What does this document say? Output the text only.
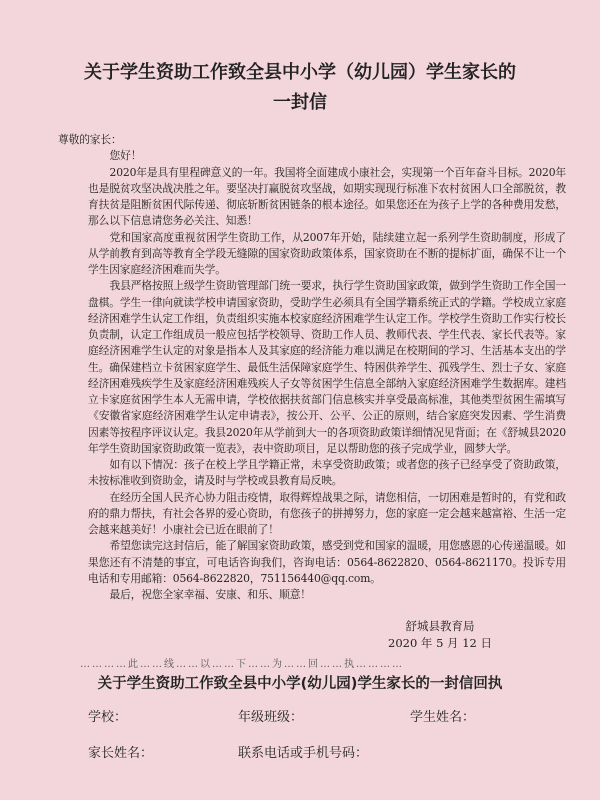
关于学生资助工作致全县中小学（幼儿园）学生家长的
一封信

尊敬的家长：

您好！

2020年是具有里程碑意义的一年。我国将全面建成小康社会，实现第一个百年奋斗目标。2020年也是脱贫攻坚决战决胜之年。要坚决打赢脱贫攻坚战，如期实现现行标准下农村贫困人口全部脱贫，教育扶贫是阻断贫困代际传递、彻底斩断贫困链条的根本途径。如果您还在为孩子上学的各种费用发愁，那么以下信息请您务必关注、知悉！

党和国家高度重视贫困学生资助工作，从2007年开始，陆续建立起一系列学生资助制度，形成了从学前教育到高等教育全学段无缝隙的国家资助政策体系，国家资助在不断的提标扩面，确保不让一个学生因家庭经济困难而失学。

我县严格按照上级学生资助管理部门统一要求，执行学生资助国家政策，做到学生资助工作全国一盘棋。学生一律向就读学校申请国家资助，受助学生必须具有全国学籍系统正式的学籍。学校成立家庭经济困难学生认定工作组，负责组织实施本校家庭经济困难学生认定工作。学校学生资助工作实行校长负责制，认定工作组成员一般应包括学校领导、资助工作人员、教师代表、学生代表、家长代表等。家庭经济困难学生认定的对象是指本人及其家庭的经济能力难以满足在校期间的学习、生活基本支出的学生。确保建档立卡贫困家庭学生、最低生活保障家庭学生、特困供养学生、孤残学生、烈士子女、家庭经济困难残疾学生及家庭经济困难残疾人子女等贫困学生信息全部纳入家庭经济困难学生数据库。建档立卡家庭贫困学生本人无需申请，学校依据扶贫部门信息核实并享受最高标准，其他类型贫困生需填写《安徽省家庭经济困难学生认定申请表》，按公开、公平、公正的原则，结合家庭突发因素、学生消费因素等按程序评议认定。我县2020年从学前到大一的各项资助政策详细情况见背面；在《舒城县2020年学生资助国家资助政策一览表》，表中资助项目，足以帮助您的孩子完成学业，圆梦大学。

如有以下情况：孩子在校上学且学籍正常，未享受资助政策；或者您的孩子已经享受了资助政策，未按标准收到资助金，请及时与学校或县教育局反映。

在经历全国人民齐心协力阻击疫情，取得辉煌战果之际，请您相信，一切困难是暂时的，有党和政府的鼎力帮扶，有社会各界的爱心资助，有您孩子的拼搏努力，您的家庭一定会越来越富裕、生活一定会越来越美好！小康社会已近在眼前了！

希望您读完这封信后，能了解国家资助政策，感受到党和国家的温暖，用您感恩的心传递温暖。如果您还有不清楚的事宜，可电话咨询我们，咨询电话：0564-8622820、0564-8621170。投诉专用电话和专用邮箱：0564-8622820，751156440@qq.com。

最后，祝您全家幸福、安康、和乐、顺意！

舒城县教育局
2020 年 5 月 12 日
…………此……线……以……下……为……回……执…………
关于学生资助工作致全县中小学(幼儿园)学生家长的一封信回执
学校：	年级班级：	学生姓名：
家长姓名：	联系电话或手机号码：
